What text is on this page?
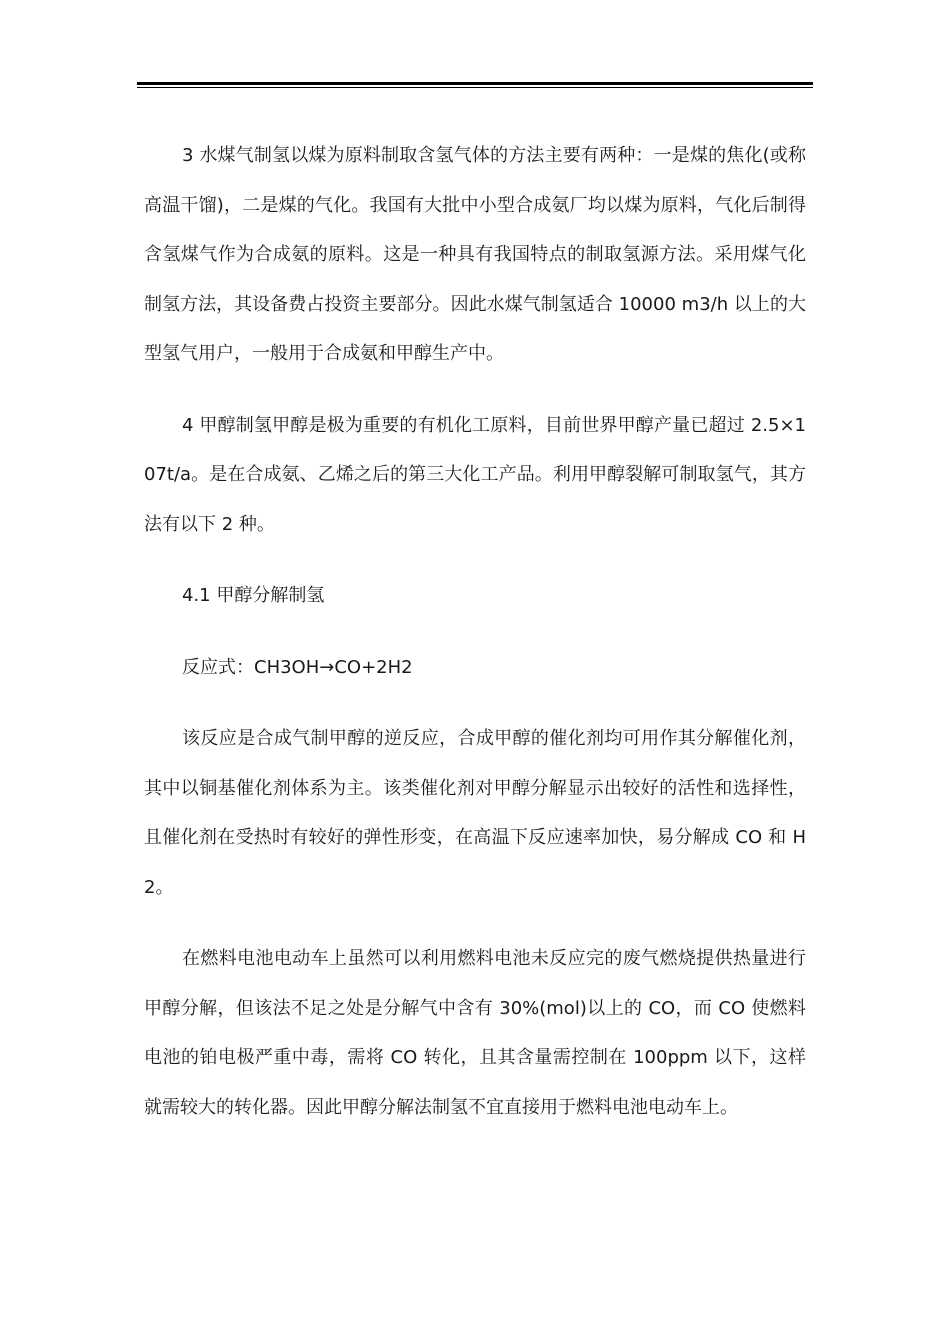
3 水煤气制氢以煤为原料制取含氢气体的方法主要有两种：一是煤的焦化(或称高温干馏)，二是煤的气化。我国有大批中小型合成氨厂均以煤为原料，气化后制得含氢煤气作为合成氨的原料。这是一种具有我国特点的制取氢源方法。采用煤气化制氢方法，其设备费占投资主要部分。因此水煤气制氢适合 10000 m3/h 以上的大型氢气用户，一般用于合成氨和甲醇生产中。

4 甲醇制氢甲醇是极为重要的有机化工原料，目前世界甲醇产量已超过 2.5×107t/a。是在合成氨、乙烯之后的第三大化工产品。利用甲醇裂解可制取氢气，其方法有以下 2 种。

4.1 甲醇分解制氢

反应式：CH3OH→CO+2H2

该反应是合成气制甲醇的逆反应，合成甲醇的催化剂均可用作其分解催化剂，其中以铜基催化剂体系为主。该类催化剂对甲醇分解显示出较好的活性和选择性，且催化剂在受热时有较好的弹性形变，在高温下反应速率加快，易分解成 CO 和 H2。

在燃料电池电动车上虽然可以利用燃料电池未反应完的废气燃烧提供热量进行甲醇分解，但该法不足之处是分解气中含有 30%(mol)以上的 CO，而 CO 使燃料电池的铂电极严重中毒，需将 CO 转化，且其含量需控制在 100ppm 以下，这样就需较大的转化器。因此甲醇分解法制氢不宜直接用于燃料电池电动车上。
